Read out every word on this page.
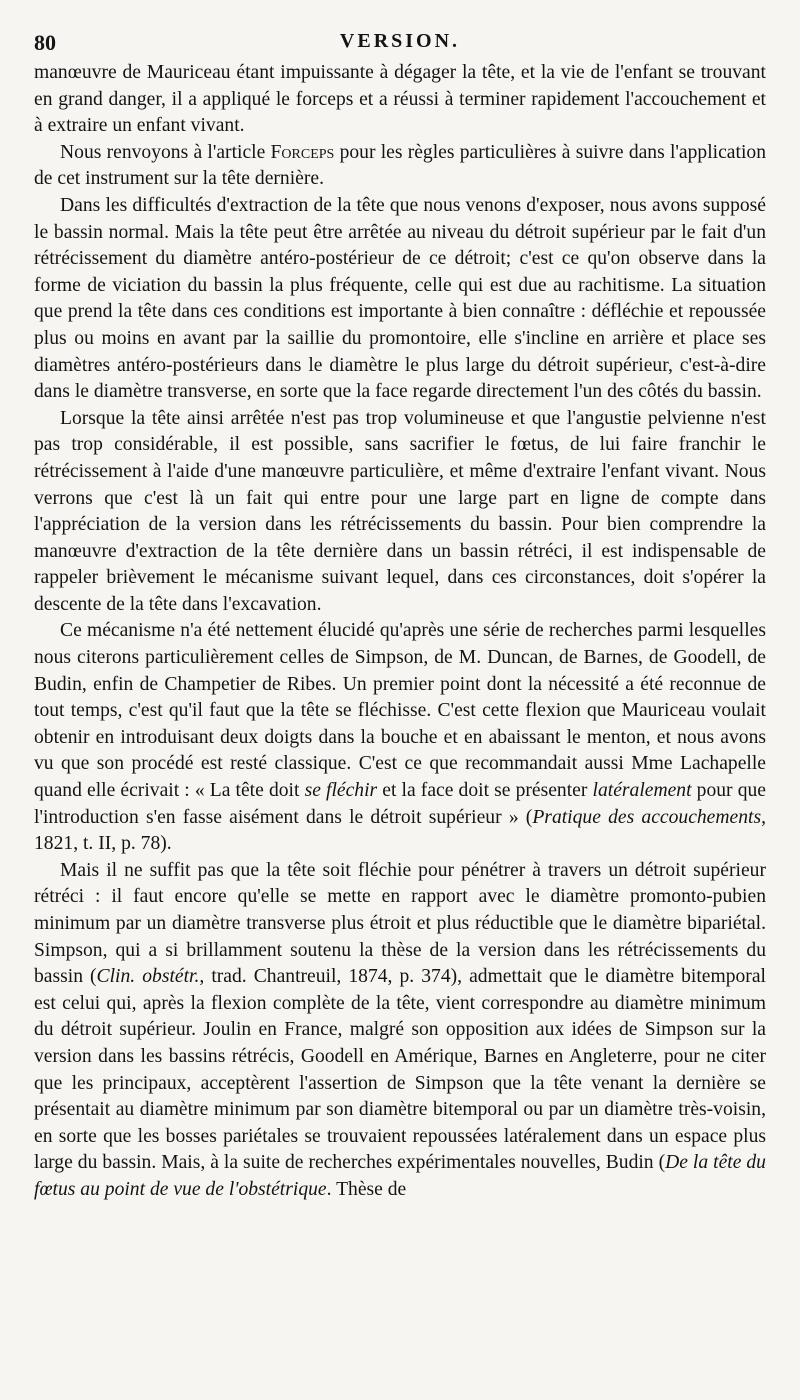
80	VERSION.

manœuvre de Mauriceau étant impuissante à dégager la tête, et la vie de l'enfant se trouvant en grand danger, il a appliqué le forceps et a réussi à terminer rapidement l'accouchement et à extraire un enfant vivant.

Nous renvoyons à l'article Forceps pour les règles particulières à suivre dans l'application de cet instrument sur la tête dernière.

Dans les difficultés d'extraction de la tête que nous venons d'exposer, nous avons supposé le bassin normal. Mais la tête peut être arrêtée au niveau du détroit supérieur par le fait d'un rétrécissement du diamètre antéro-postérieur de ce détroit; c'est ce qu'on observe dans la forme de viciation du bassin la plus fréquente, celle qui est due au rachitisme. La situation que prend la tête dans ces conditions est importante à bien connaître : défléchie et repoussée plus ou moins en avant par la saillie du promontoire, elle s'incline en arrière et place ses diamètres antéro-postérieurs dans le diamètre le plus large du détroit supérieur, c'est-à-dire dans le diamètre transverse, en sorte que la face regarde directement l'un des côtés du bassin.

Lorsque la tête ainsi arrêtée n'est pas trop volumineuse et que l'angustie pelvienne n'est pas trop considérable, il est possible, sans sacrifier le fœtus, de lui faire franchir le rétrécissement à l'aide d'une manœuvre particulière, et même d'extraire l'enfant vivant. Nous verrons que c'est là un fait qui entre pour une large part en ligne de compte dans l'appréciation de la version dans les rétrécissements du bassin. Pour bien comprendre la manœuvre d'extraction de la tête dernière dans un bassin rétréci, il est indispensable de rappeler brièvement le mécanisme suivant lequel, dans ces circonstances, doit s'opérer la descente de la tête dans l'excavation.

Ce mécanisme n'a été nettement élucidé qu'après une série de recherches parmi lesquelles nous citerons particulièrement celles de Simpson, de M. Duncan, de Barnes, de Goodell, de Budin, enfin de Champetier de Ribes. Un premier point dont la nécessité a été reconnue de tout temps, c'est qu'il faut que la tête se fléchisse. C'est cette flexion que Mauriceau voulait obtenir en introduisant deux doigts dans la bouche et en abaissant le menton, et nous avons vu que son procédé est resté classique. C'est ce que recommandait aussi Mme Lachapelle quand elle écrivait : « La tête doit se fléchir et la face doit se présenter latéralement pour que l'introduction s'en fasse aisément dans le détroit supérieur » (Pratique des accouchements, 1821, t. II, p. 78).

Mais il ne suffit pas que la tête soit fléchie pour pénétrer à travers un détroit supérieur rétréci : il faut encore qu'elle se mette en rapport avec le diamètre promonto-pubien minimum par un diamètre transverse plus étroit et plus réductible que le diamètre bipariétal. Simpson, qui a si brillamment soutenu la thèse de la version dans les rétrécissements du bassin (Clin. obstétr., trad. Chantreuil, 1874, p. 374), admettait que le diamètre bitemporal est celui qui, après la flexion complète de la tête, vient correspondre au diamètre minimum du détroit supérieur. Joulin en France, malgré son opposition aux idées de Simpson sur la version dans les bassins rétrécis, Goodell en Amérique, Barnes en Angleterre, pour ne citer que les principaux, acceptèrent l'assertion de Simpson que la tête venant la dernière se présentait au diamètre minimum par son diamètre bitemporal ou par un diamètre très-voisin, en sorte que les bosses pariétales se trouvaient repoussées latéralement dans un espace plus large du bassin. Mais, à la suite de recherches expérimentales nouvelles, Budin (De la tête du fœtus au point de vue de l'obstétrique. Thèse de
